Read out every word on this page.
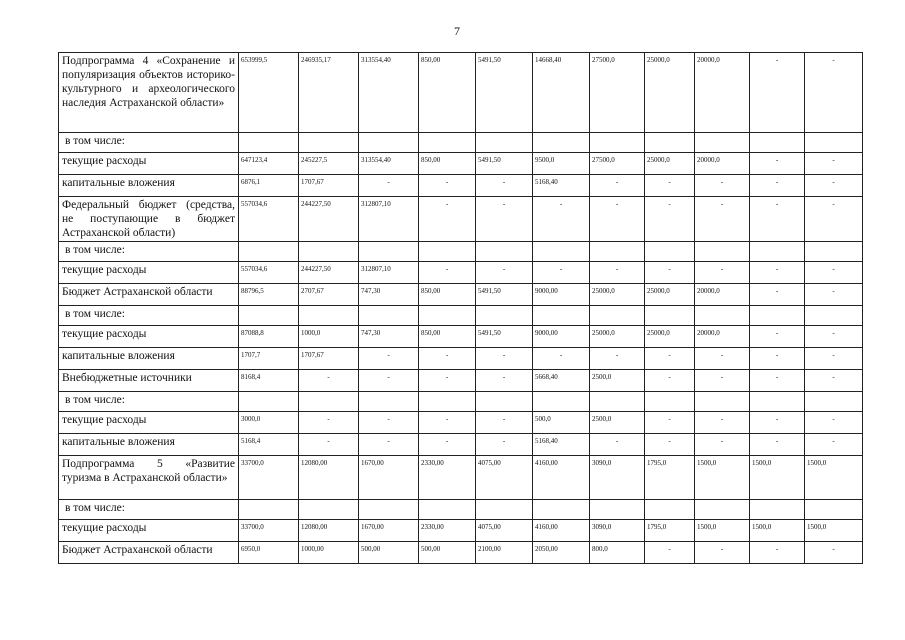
7
Подпрограмма 4 «Сохранение и популяризация объектов историко-культурного и археологического наследия Астраханской области»	653999,5	246935,17	313554,40	850,00	5491,50	14668,40	27500,0	25000,0	20000,0	-	-
в том числе:											
текущие расходы	647123,4	245227,5	313554,40	850,00	5491,50	9500,0	27500,0	25000,0	20000,0	-	-
капитальные вложения	6876,1	1707,67	-	-	-	5168,40	-	-	-	-	-
Федеральный бюджет (средства, не поступающие в бюджет Астраханской области)	557034,6	244227,50	312807,10	-	-	-	-	-	-	-	-
в том числе:											
текущие расходы	557034,6	244227,50	312807,10	-	-	-	-	-	-	-	-
Бюджет Астраханской области	88796,5	2707,67	747,30	850,00	5491,50	9000,00	25000,0	25000,0	20000,0	-	-
в том числе:											
текущие расходы	87088,8	1000,0	747,30	850,00	5491,50	9000,00	25000,0	25000,0	20000,0	-	-
капитальные вложения	1707,7	1707,67	-	-	-	-	-	-	-	-	-
Внебюджетные источники	8168,4	-	-	-	-	5668,40	2500,0	-	-	-	-
в том числе:											
текущие расходы	3000,0	-	-	-	-	500,0	2500,0	-	-	-	-
капитальные вложения	5168,4	-	-	-	-	5168,40	-	-	-	-	-
Подпрограмма 5 «Развитие туризма в Астраханской области»	33700,0	12080,00	1670,00	2330,00	4075,00	4160,00	3090,0	1795,0	1500,0	1500,0	1500,0
в том числе:											
текущие расходы	33700,0	12080,00	1670,00	2330,00	4075,00	4160,00	3090,0	1795,0	1500,0	1500,0	1500,0
Бюджет Астраханской области	6950,0	1000,00	500,00	500,00	2100,00	2050,00	800,0	-	-	-	-
